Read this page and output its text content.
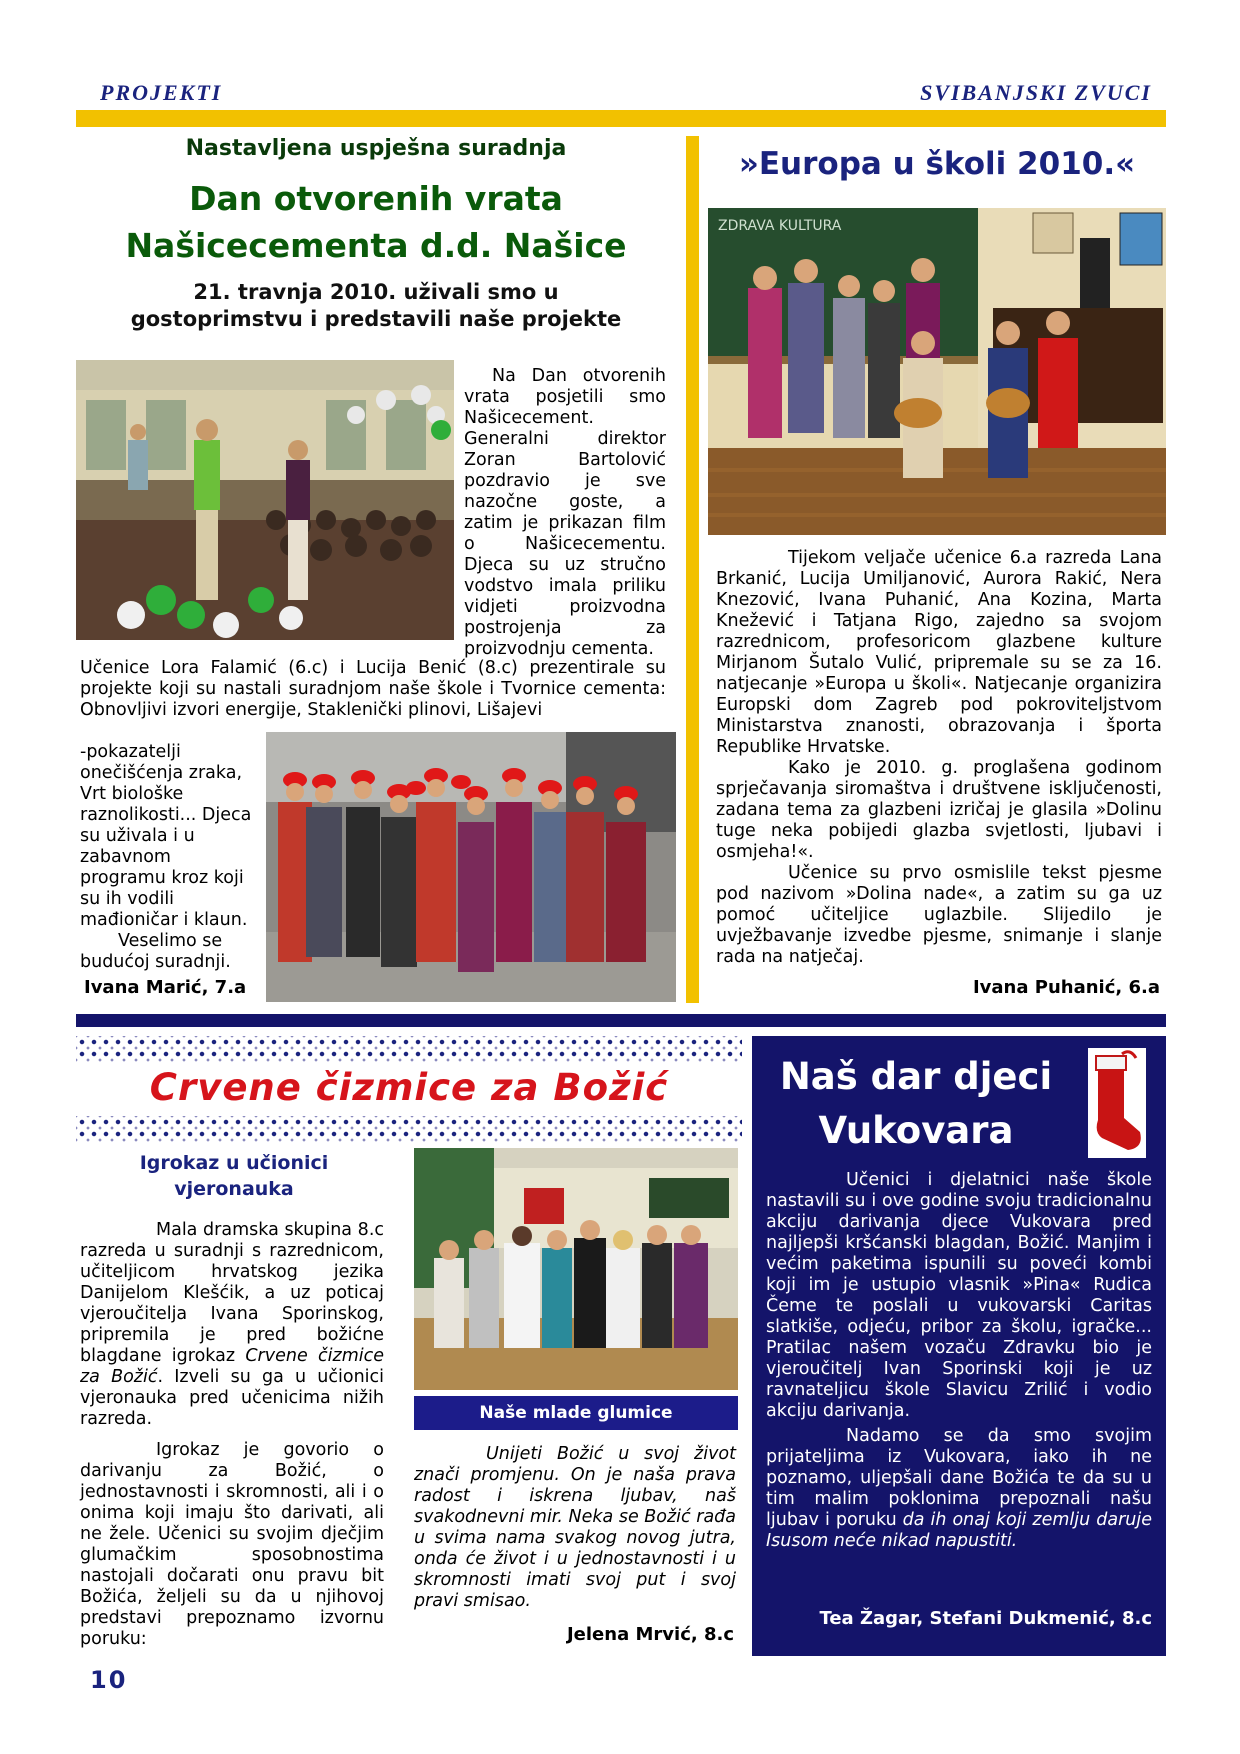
PROJEKTI	SVIBANJSKI ZVUCI
Nastavljena uspješna suradnja
Dan otvorenih vrata
Našicecementa d.d. Našice
21. travnja 2010. uživali smo u
gostoprimstvu i predstavili naše projekte

Na Dan otvorenih vrata posjetili smo Našicecement. Generalni direktor Zoran Bartolović pozdravio je sve nazočne goste, a zatim je prikazan film o Našicecementu. Djeca su uz stručno vodstvo imala priliku vidjeti proizvodna postrojenja za proizvodnju cementa.

Učenice Lora Falamić (6.c) i Lucija Benić (8.c) prezentirale su projekte koji su nastali suradnjom naše škole i Tvornice cementa: Obnovljivi izvori energije, Staklenički plinovi, Lišajevi

-pokazatelji onečišćenja zraka, Vrt biološke raznolikosti... Djeca su uživala i u zabavnom programu kroz koji su ih vodili mađioničar i klaun.

Veselimo se budućoj suradnji.

Ivana Marić, 7.a
»Europa u školi 2010.«
ZDRAVA KULTURA

Tijekom veljače učenice 6.a razreda Lana Brkanić, Lucija Umiljanović, Aurora Rakić, Nera Knezović, Ivana Puhanić, Ana Kozina, Marta Knežević i Tatjana Rigo, zajedno sa svojom razrednicom, profesoricom glazbene kulture Mirjanom Šutalo Vulić, pripremale su se za 16. natjecanje »Europa u školi«. Natjecanje organizira Europski dom Zagreb pod pokroviteljstvom Ministarstva znanosti, obrazovanja i športa Republike Hrvatske.

Kako je 2010. g. proglašena godinom sprječavanja siromaštva i društvene isključenosti, zadana tema za glazbeni izričaj je glasila »Dolinu tuge neka pobijedi glazba svjetlosti, ljubavi i osmjeha!«.

Učenice su prvo osmislile tekst pjesme pod nazivom »Dolina nade«, a zatim su ga uz pomoć učiteljice uglazbile. Slijedilo je uvježbavanje izvedbe pjesme, snimanje i slanje rada na natječaj.

Ivana Puhanić, 6.a
Crvene čizmice za Božić
Igrokaz u učionici
vjeronauka

Mala dramska skupina 8.c razreda u suradnji s razrednicom, učiteljicom hrvatskog jezika Danijelom Klešćik, a uz poticaj vjeroučitelja Ivana Sporinskog, pripremila je pred božićne blagdane igrokaz Crvene čizmice za Božić. Izveli su ga u učionici vjeronauka pred učenicima nižih razreda.

Igrokaz je govorio o darivanju za Božić, o jednostavnosti i skromnosti, ali i o onima koji imaju što darivati, ali ne žele. Učenici su svojim dječjim glumačkim sposobnostima nastojali dočarati onu pravu bit Božića, željeli su da u njihovoj predstavi prepoznamo izvornu poruku:

Naše mlade glumice

Unijeti Božić u svoj život znači promjenu. On je naša prava radost i iskrena ljubav, naš svakodnevni mir. Neka se Božić rađa u svima nama svakog novog jutra, onda će život i u jednostavnosti i u skromnosti imati svoj put i svoj pravi smisao.

Jelena Mrvić, 8.c
Naš dar djeci
Vukovara

Učenici i djelatnici naše škole nastavili su i ove godine svoju tradicionalnu akciju darivanja djece Vukovara pred najljepši kršćanski blagdan, Božić. Manjim i većim paketima ispunili su poveći kombi koji im je ustupio vlasnik »Pina« Rudica Čeme te poslali u vukovarski Caritas slatkiše, odjeću, pribor za školu, igračke... Pratilac našem vozaču Zdravku bio je vjeroučitelj Ivan Sporinski koji je uz ravnateljicu škole Slavicu Zrilić i vodio akciju darivanja.

Nadamo se da smo svojim prijateljima iz Vukovara, iako ih ne poznamo, uljepšali dane Božića te da su u tim malim poklonima prepoznali našu ljubav i poruku da ih onaj koji zemlju daruje Isusom neće nikad napustiti.

Tea Žagar, Stefani Dukmenić, 8.c
10
